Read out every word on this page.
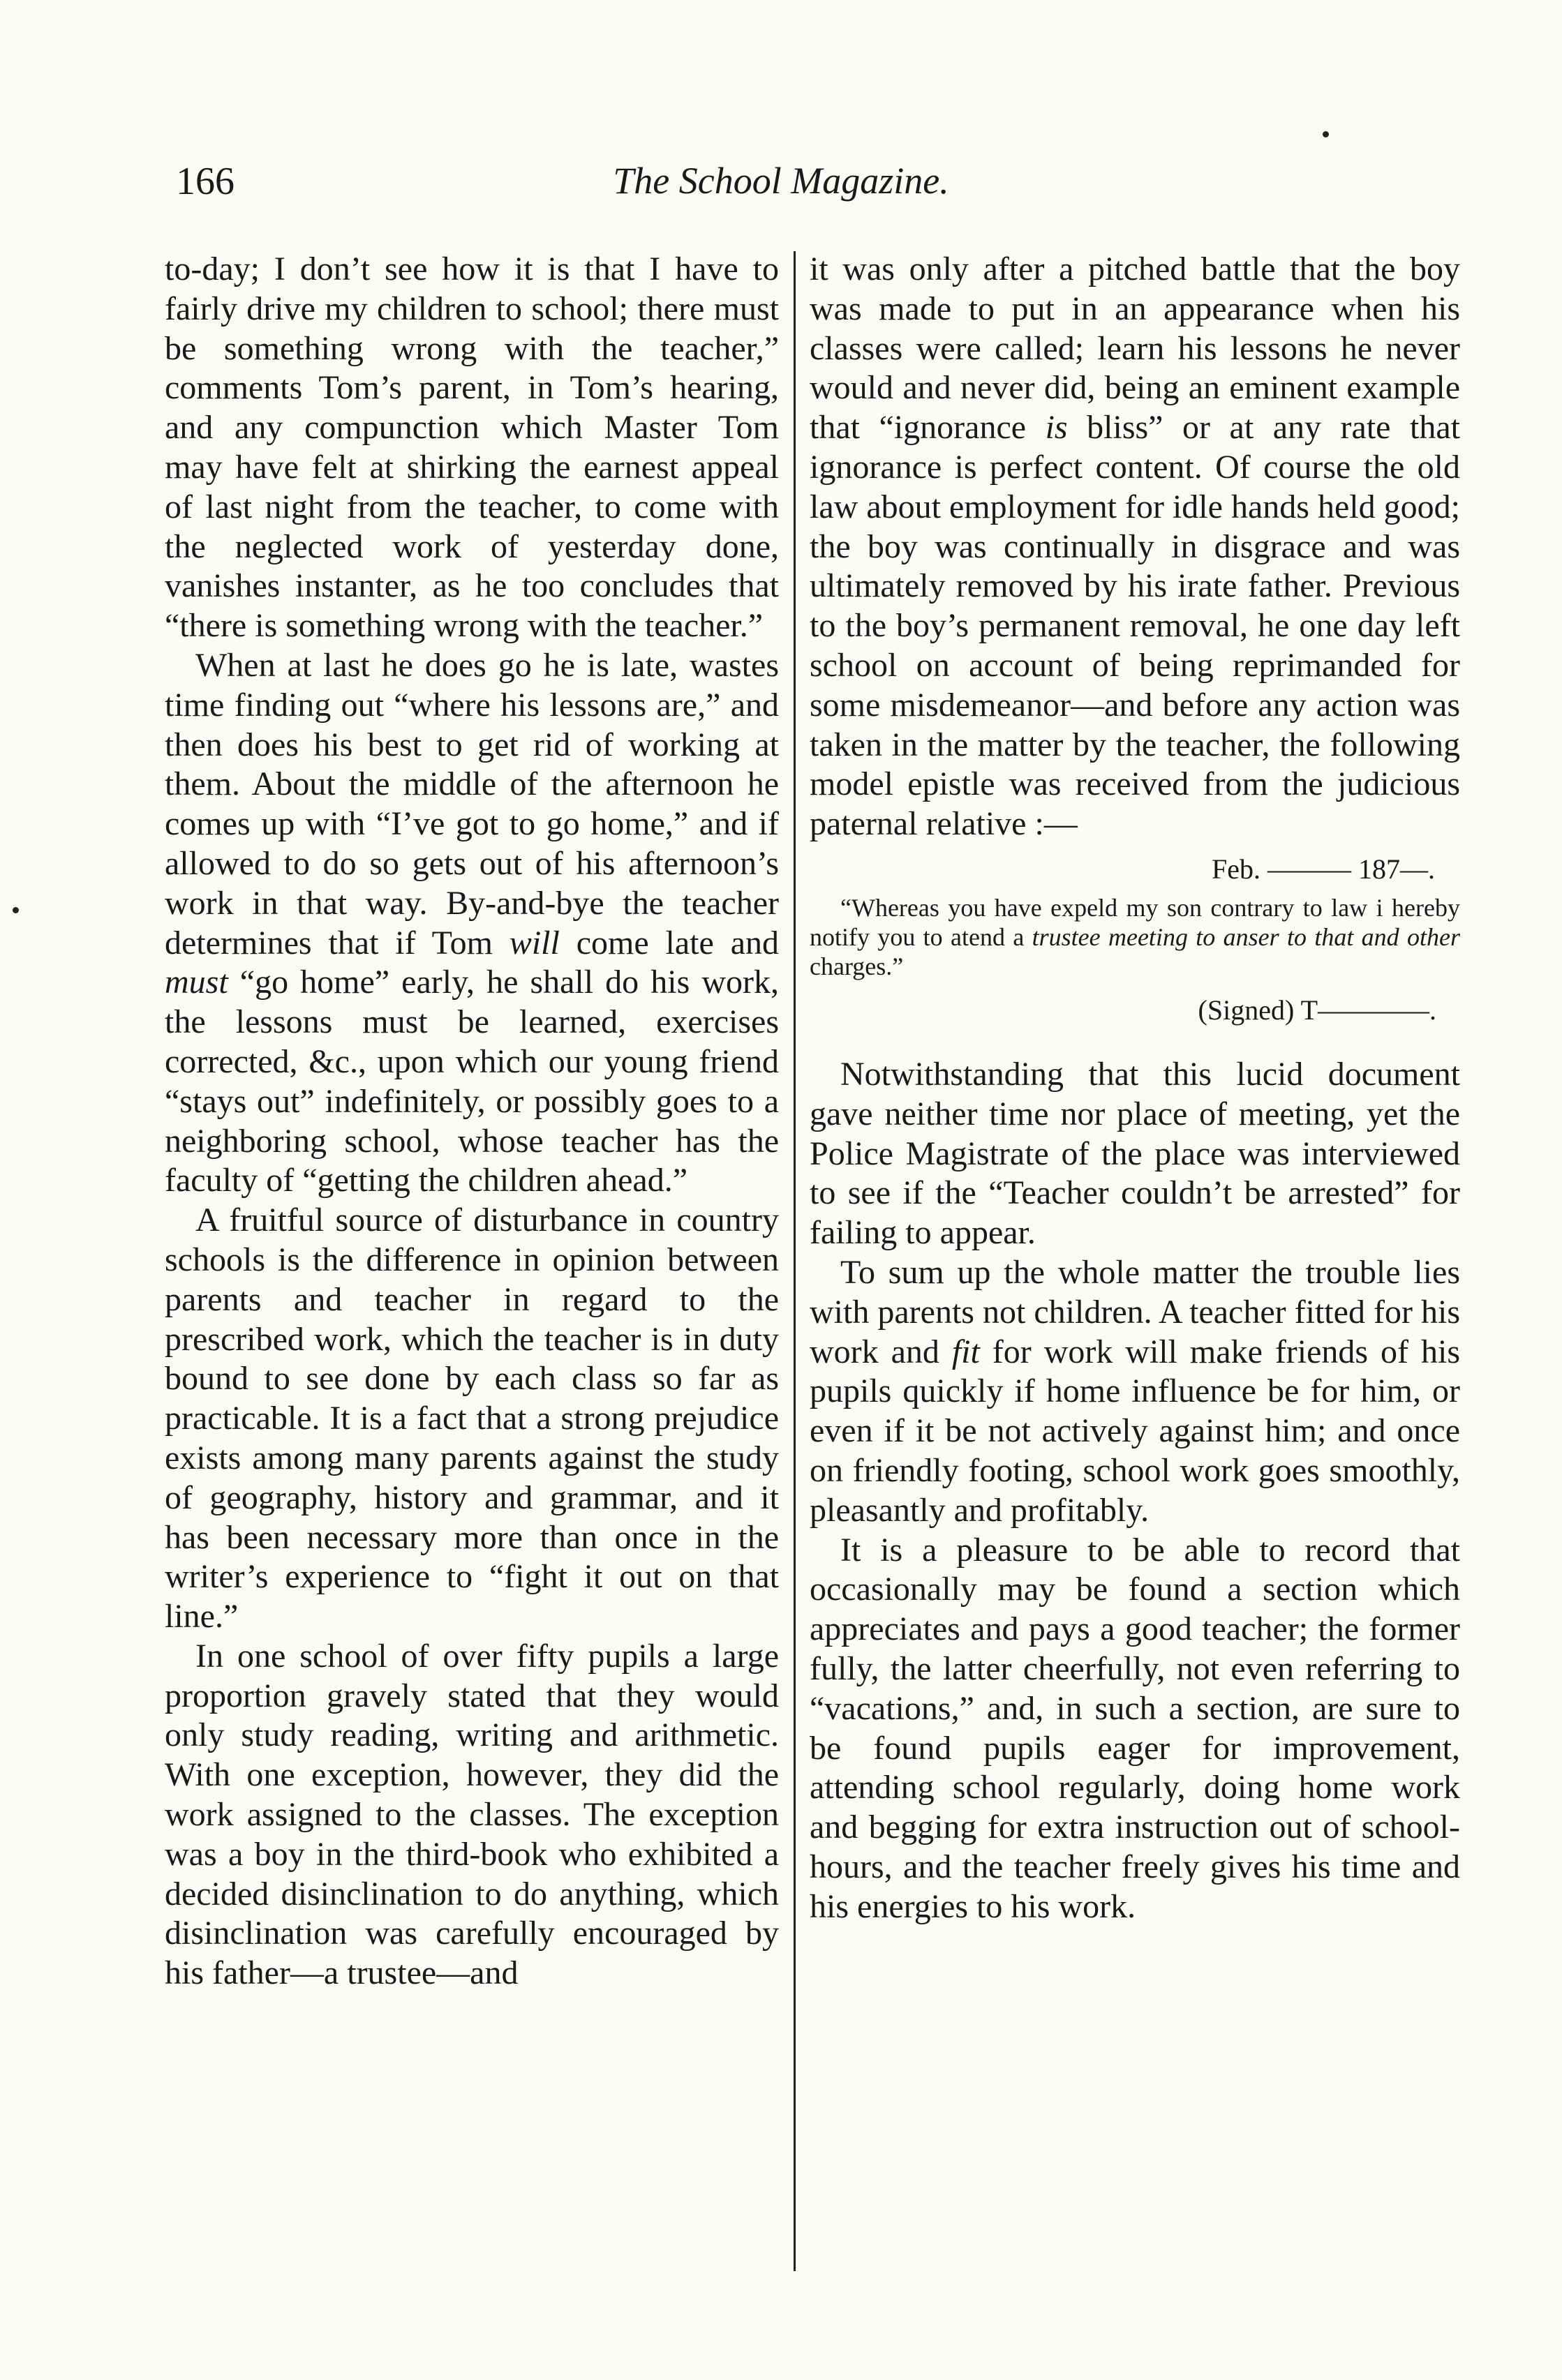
166	The School Magazine.

to-day; I don’t see how it is that I have to fairly drive my children to school; there must be something wrong with the teacher,” comments Tom’s parent, in Tom’s hearing, and any compunction which Master Tom may have felt at shirking the earnest appeal of last night from the teacher, to come with the neglected work of yesterday done, vanishes instanter, as he too concludes that “there is something wrong with the teacher.”

When at last he does go he is late, wastes time finding out “where his lessons are,” and then does his best to get rid of working at them. About the middle of the afternoon he comes up with “I’ve got to go home,” and if allowed to do so gets out of his afternoon’s work in that way. By-and-bye the teacher determines that if Tom will come late and must “go home” early, he shall do his work, the lessons must be learned, exercises corrected, &c., upon which our young friend “stays out” indefinitely, or possibly goes to a neighboring school, whose teacher has the faculty of “getting the children ahead.”

A fruitful source of disturbance in country schools is the difference in opinion between parents and teacher in regard to the prescribed work, which the teacher is in duty bound to see done by each class so far as practicable. It is a fact that a strong prejudice exists among many parents against the study of geography, history and grammar, and it has been necessary more than once in the writer’s experience to “fight it out on that line.”

In one school of over fifty pupils a large proportion gravely stated that they would only study reading, writing and arithmetic. With one exception, however, they did the work assigned to the classes. The exception was a boy in the third-book who exhibited a decided disinclination to do anything, which disinclination was carefully encouraged by his father—a trustee—and

it was only after a pitched battle that the boy was made to put in an appearance when his classes were called; learn his lessons he never would and never did, being an eminent example that “ignorance is bliss” or at any rate that ignorance is perfect content. Of course the old law about employment for idle hands held good; the boy was continually in disgrace and was ultimately removed by his irate father. Previous to the boy’s permanent removal, he one day left school on account of being reprimanded for some misdemeanor—and before any action was taken in the matter by the teacher, the following model epistle was received from the judicious paternal relative :—

Feb. ——— 187—.

“Whereas you have expeld my son contrary to law i hereby notify you to atend a trustee meeting to anser to that and other charges.”

(Signed) T————.

Notwithstanding that this lucid document gave neither time nor place of meeting, yet the Police Magistrate of the place was interviewed to see if the “Teacher couldn’t be arrested” for failing to appear.

To sum up the whole matter the trouble lies with parents not children. A teacher fitted for his work and fit for work will make friends of his pupils quickly if home influence be for him, or even if it be not actively against him; and once on friendly footing, school work goes smoothly, pleasantly and profitably.

It is a pleasure to be able to record that occasionally may be found a section which appreciates and pays a good teacher; the former fully, the latter cheerfully, not even referring to “vacations,” and, in such a section, are sure to be found pupils eager for improvement, attending school regularly, doing home work and begging for extra instruction out of school-hours, and the teacher freely gives his time and his energies to his work.
